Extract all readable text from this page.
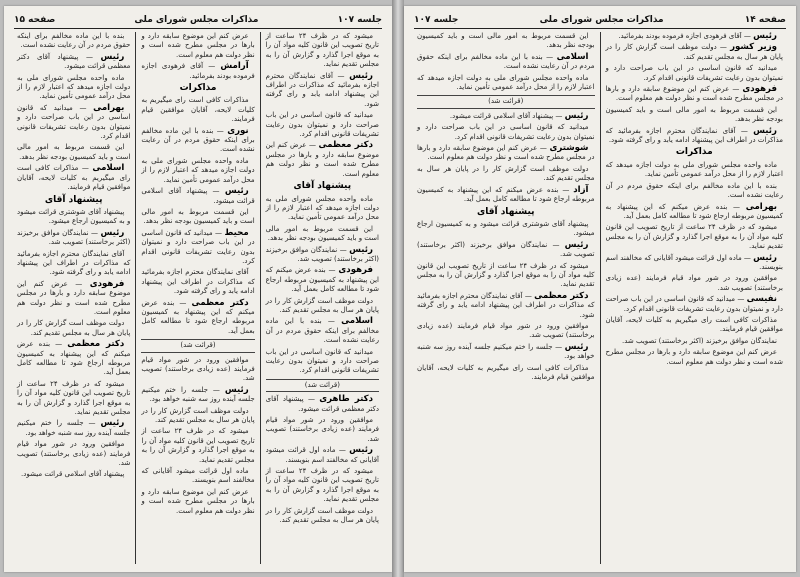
جلسه ۱۰۷
مذاكرات مجلس شوراى ملى
صفحه ۱۵

ميشود كه در ظرف ۲۴ ساعت از تاريخ تصويب اين قانون كليه مواد آن را به موقع اجرا گذارد و گزارش آن را به مجلس تقديم نمايد.

رئيس — آقاى نمايندگان محترم اجازه بفرمائيد كه مذاكرات در اطراف اين پيشنهاد ادامه يابد و راى گرفته شود.

ميدانيد كه قانون اساسى در اين باب صراحت دارد و نميتوان بدون رعايت تشريفات قانونى اقدام كرد.

دكتر معظمى — عرض كنم اين موضوع سابقه دارد و بارها در مجلس مطرح شده است و نظر دولت هم معلوم است.

پيشنهاد آقاى

ماده واحده مجلس شوراى ملى به دولت اجازه ميدهد كه اعتبار لازم را از محل درآمد عمومى تأمين نمايد.

اين قسمت مربوط به امور مالى است و بايد كميسيون بودجه نظر بدهد.

رئيس — نمايندگان موافق برخيزند (اكثر برخاستند) تصويب شد.

فرهودى — بنده عرض ميكنم كه اين پيشنهاد به كميسيون مربوطه ارجاع شود تا مطالعه كامل بعمل آيد.

دولت موظف است گزارش كار را در پايان هر سال به مجلس تقديم كند.

اسلامى — بنده با اين ماده مخالفم براى اينكه حقوق مردم در آن رعايت نشده است.

ميدانيد كه قانون اساسى در اين باب صراحت دارد و نميتوان بدون رعايت تشريفات قانونى اقدام كرد.

(قرائت شد)

دكتر طاهرى — پيشنهاد آقاى دكتر معظمى قرائت ميشود.

موافقين ورود در شور مواد قيام فرمايند (عده زيادى برخاستند) تصويب شد.

رئيس — ماده اول قرائت ميشود آقايانى كه مخالفند اسم بنويسند.

ميشود كه در ظرف ۲۴ ساعت از تاريخ تصويب اين قانون كليه مواد آن را به موقع اجرا گذارد و گزارش آن را به مجلس تقديم نمايد.

دولت موظف است گزارش كار را در پايان هر سال به مجلس تقديم كند.

عرض كنم اين موضوع سابقه دارد و بارها در مجلس مطرح شده است و نظر دولت هم معلوم است.

آرامش — آقاى فرهودى اجازه فرموده بودند بفرمائيد.

مذاكرات

مذاكرات كافى است راى ميگيريم به كليات لايحه، آقايان موافقين قيام فرمايند.

نورى — بنده با اين ماده مخالفم براى اينكه حقوق مردم در آن رعايت نشده است.

ماده واحده مجلس شوراى ملى به دولت اجازه ميدهد كه اعتبار لازم را از محل درآمد عمومى تأمين نمايد.

رئيس — پيشنهاد آقاى اسلامى قرائت ميشود.

اين قسمت مربوط به امور مالى است و بايد كميسيون بودجه نظر بدهد.

محيط — ميدانيد كه قانون اساسى در اين باب صراحت دارد و نميتوان بدون رعايت تشريفات قانونى اقدام كرد.

آقاى نمايندگان محترم اجازه بفرمائيد كه مذاكرات در اطراف اين پيشنهاد ادامه يابد و راى گرفته شود.

دكتر معظمى — بنده عرض ميكنم كه اين پيشنهاد به كميسيون مربوطه ارجاع شود تا مطالعه كامل بعمل آيد.

(قرائت شد)

موافقين ورود در شور مواد قيام فرمايند (عده زيادى برخاستند) تصويب شد.

رئيس — جلسه را ختم ميكنيم جلسه آينده روز سه شنبه خواهد بود.

دولت موظف است گزارش كار را در پايان هر سال به مجلس تقديم كند.

ميشود كه در ظرف ۲۴ ساعت از تاريخ تصويب اين قانون كليه مواد آن را به موقع اجرا گذارد و گزارش آن را به مجلس تقديم نمايد.

ماده اول قرائت ميشود آقايانى كه مخالفند اسم بنويسند.

عرض كنم اين موضوع سابقه دارد و بارها در مجلس مطرح شده است و نظر دولت هم معلوم است.

بنده با اين ماده مخالفم براى اينكه حقوق مردم در آن رعايت نشده است.

رئيس — پيشنهاد آقاى دكتر معظمى قرائت ميشود.

ماده واحده مجلس شوراى ملى به دولت اجازه ميدهد كه اعتبار لازم را از محل درآمد عمومى تأمين نمايد.

بهرامى — ميدانيد كه قانون اساسى در اين باب صراحت دارد و نميتوان بدون رعايت تشريفات قانونى اقدام كرد.

اين قسمت مربوط به امور مالى است و بايد كميسيون بودجه نظر بدهد.

اسلامى — مذاكرات كافى است راى ميگيريم به كليات لايحه، آقايان موافقين قيام فرمايند.

پيشنهاد آقاى

پيشنهاد آقاى شوشترى قرائت ميشود و به كميسيون ارجاع ميشود.

رئيس — نمايندگان موافق برخيزند (اكثر برخاستند) تصويب شد.

آقاى نمايندگان محترم اجازه بفرمائيد كه مذاكرات در اطراف اين پيشنهاد ادامه يابد و راى گرفته شود.

فرهودى — عرض كنم اين موضوع سابقه دارد و بارها در مجلس مطرح شده است و نظر دولت هم معلوم است.

دولت موظف است گزارش كار را در پايان هر سال به مجلس تقديم كند.

دكتر معظمى — بنده عرض ميكنم كه اين پيشنهاد به كميسيون مربوطه ارجاع شود تا مطالعه كامل بعمل آيد.

ميشود كه در ظرف ۲۴ ساعت از تاريخ تصويب اين قانون كليه مواد آن را به موقع اجرا گذارد و گزارش آن را به مجلس تقديم نمايد.

رئيس — جلسه را ختم ميكنيم جلسه آينده روز سه شنبه خواهد بود.

موافقين ورود در شور مواد قيام فرمايند (عده زيادى برخاستند) تصويب شد.

پيشنهاد آقاى اسلامى قرائت ميشود.

صفحه ۱۴
مذاكرات مجلس شوراى ملى
جلسه ۱۰۷

رئيس — آقاى فرهودى اجازه فرموده بودند بفرمائيد.

وزير كشور — دولت موظف است گزارش كار را در پايان هر سال به مجلس تقديم كند.

ميدانيد كه قانون اساسى در اين باب صراحت دارد و نميتوان بدون رعايت تشريفات قانونى اقدام كرد.

فرهودى — عرض كنم اين موضوع سابقه دارد و بارها در مجلس مطرح شده است و نظر دولت هم معلوم است.

اين قسمت مربوط به امور مالى است و بايد كميسيون بودجه نظر بدهد.

رئيس — آقاى نمايندگان محترم اجازه بفرمائيد كه مذاكرات در اطراف اين پيشنهاد ادامه يابد و راى گرفته شود.

مذاكرات

ماده واحده مجلس شوراى ملى به دولت اجازه ميدهد كه اعتبار لازم را از محل درآمد عمومى تأمين نمايد.

بنده با اين ماده مخالفم براى اينكه حقوق مردم در آن رعايت نشده است.

بهرامى — بنده عرض ميكنم كه اين پيشنهاد به كميسيون مربوطه ارجاع شود تا مطالعه كامل بعمل آيد.

ميشود كه در ظرف ۲۴ ساعت از تاريخ تصويب اين قانون كليه مواد آن را به موقع اجرا گذارد و گزارش آن را به مجلس تقديم نمايد.

رئيس — ماده اول قرائت ميشود آقايانى كه مخالفند اسم بنويسند.

موافقين ورود در شور مواد قيام فرمايند (عده زيادى برخاستند) تصويب شد.

نفيسى — ميدانيد كه قانون اساسى در اين باب صراحت دارد و نميتوان بدون رعايت تشريفات قانونى اقدام كرد.

مذاكرات كافى است راى ميگيريم به كليات لايحه، آقايان موافقين قيام فرمايند.

نمايندگان موافق برخيزند (اكثر برخاستند) تصويب شد.

عرض كنم اين موضوع سابقه دارد و بارها در مجلس مطرح شده است و نظر دولت هم معلوم است.

اين قسمت مربوط به امور مالى است و بايد كميسيون بودجه نظر بدهد.

اسلامى — بنده با اين ماده مخالفم براى اينكه حقوق مردم در آن رعايت نشده است.

ماده واحده مجلس شوراى ملى به دولت اجازه ميدهد كه اعتبار لازم را از محل درآمد عمومى تأمين نمايد.

(قرائت شد)

رئيس — پيشنهاد آقاى اسلامى قرائت ميشود.

ميدانيد كه قانون اساسى در اين باب صراحت دارد و نميتوان بدون رعايت تشريفات قانونى اقدام كرد.

شوشترى — عرض كنم اين موضوع سابقه دارد و بارها در مجلس مطرح شده است و نظر دولت هم معلوم است.

دولت موظف است گزارش كار را در پايان هر سال به مجلس تقديم كند.

آزاد — بنده عرض ميكنم كه اين پيشنهاد به كميسيون مربوطه ارجاع شود تا مطالعه كامل بعمل آيد.

پيشنهاد آقاى

پيشنهاد آقاى شوشترى قرائت ميشود و به كميسيون ارجاع ميشود.

رئيس — نمايندگان موافق برخيزند (اكثر برخاستند) تصويب شد.

ميشود كه در ظرف ۲۴ ساعت از تاريخ تصويب اين قانون كليه مواد آن را به موقع اجرا گذارد و گزارش آن را به مجلس تقديم نمايد.

دكتر معظمى — آقاى نمايندگان محترم اجازه بفرمائيد كه مذاكرات در اطراف اين پيشنهاد ادامه يابد و راى گرفته شود.

موافقين ورود در شور مواد قيام فرمايند (عده زيادى برخاستند) تصويب شد.

رئيس — جلسه را ختم ميكنيم جلسه آينده روز سه شنبه خواهد بود.

مذاكرات كافى است راى ميگيريم به كليات لايحه، آقايان موافقين قيام فرمايند.
